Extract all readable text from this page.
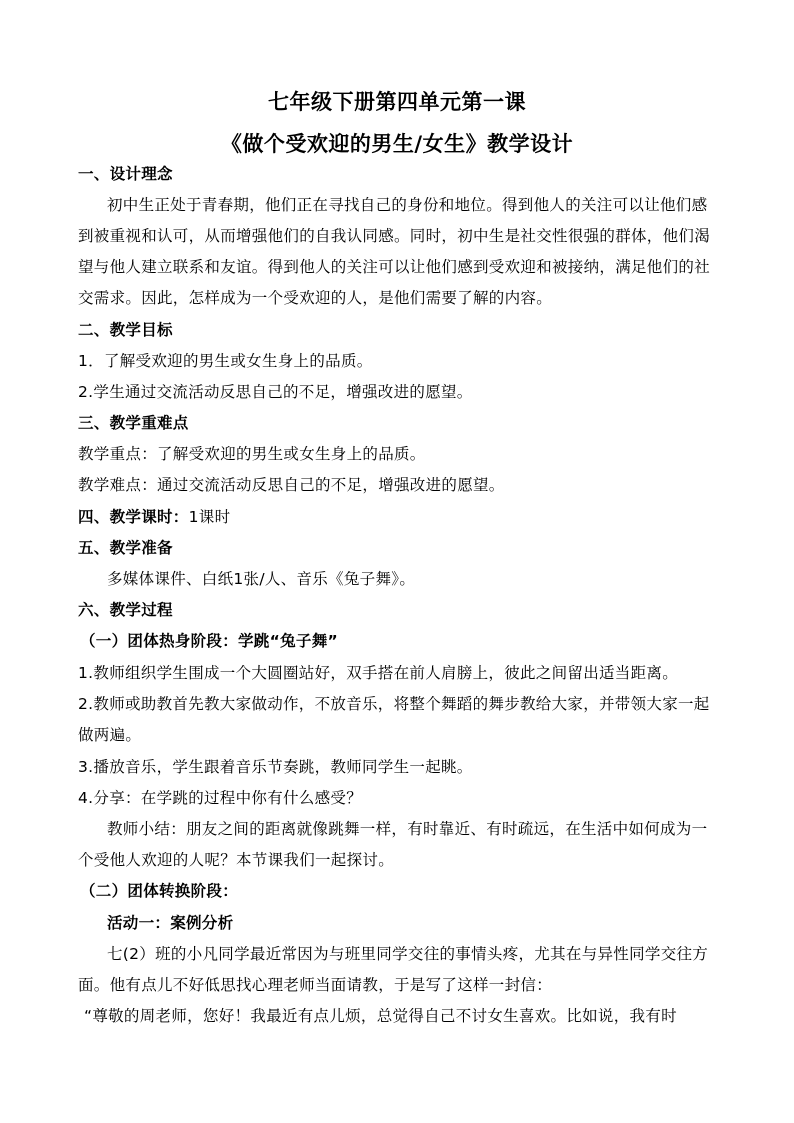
七年级下册第四单元第一课
《做个受欢迎的男生/女生》教学设计
一、设计理念
初中生正处于青春期，他们正在寻找自己的身份和地位。得到他人的关注可以让他们感
到被重视和认可，从而增强他们的自我认同感。同时，初中生是社交性很强的群体，他们渴
望与他人建立联系和友谊。得到他人的关注可以让他们感到受欢迎和被接纳，满足他们的社
交需求。因此，怎样成为一个受欢迎的人，是他们需要了解的内容。
二、教学目标
1．了解受欢迎的男生或女生身上的品质。
2.学生通过交流活动反思自己的不足，增强改进的愿望。
三、教学重难点
教学重点：了解受欢迎的男生或女生身上的品质。
教学难点：通过交流活动反思自己的不足，增强改进的愿望。
四、教学课时：1课时
五、教学准备
多媒体课件、白纸1张/人、音乐《兔子舞》。
六、教学过程
（一）团体热身阶段：学跳“兔子舞”
1.教师组织学生围成一个大圆圈站好，双手搭在前人肩膀上，彼此之间留出适当距离。
2.教师或助教首先教大家做动作，不放音乐，将整个舞蹈的舞步教给大家，并带领大家一起
做两遍。
3.播放音乐，学生跟着音乐节奏跳，教师同学生一起眺。
4.分享：在学跳的过程中你有什么感受？
教师小结：朋友之间的距离就像跳舞一样，有时靠近、有时疏远，在生活中如何成为一
个受他人欢迎的人呢？本节课我们一起探讨。
（二）团体转换阶段：
活动一：案例分析
七(2）班的小凡同学最近常因为与班里同学交往的事情头疼，尤其在与异性同学交往方
面。他有点儿不好低思找心理老师当面请教，于是写了这样一封信：
“尊敬的周老师，您好！我最近有点儿烦，总觉得自己不讨女生喜欢。比如说，我有时
